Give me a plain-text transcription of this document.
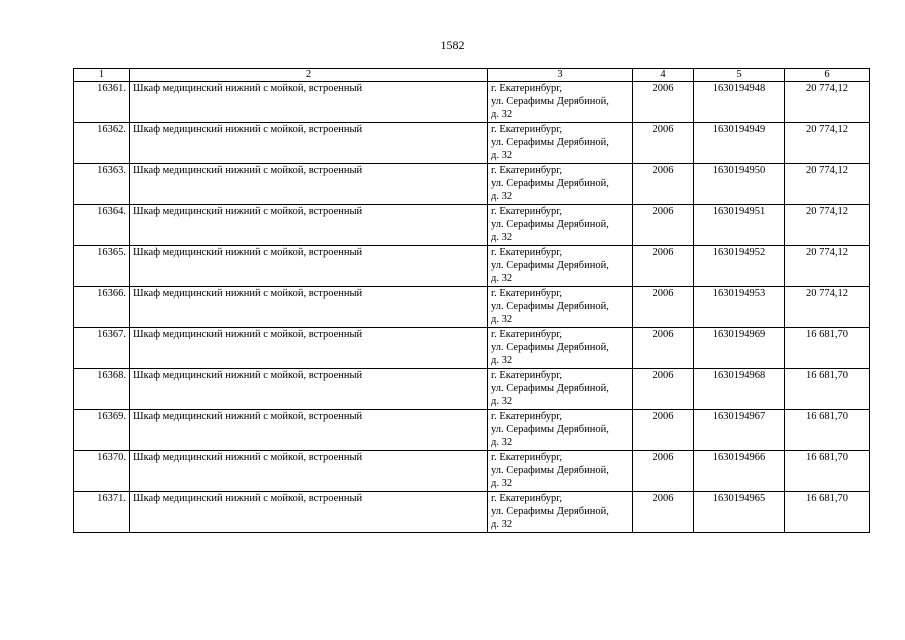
1582
1	2	3	4	5	6
16361.	Шкаф медицинский нижний с мойкой, встроенный	г. Екатеринбург,
ул. Серафимы Дерябиной,
д. 32	2006	1630194948	20 774,12
16362.	Шкаф медицинский нижний с мойкой, встроенный	г. Екатеринбург,
ул. Серафимы Дерябиной,
д. 32	2006	1630194949	20 774,12
16363.	Шкаф медицинский нижний с мойкой, встроенный	г. Екатеринбург,
ул. Серафимы Дерябиной,
д. 32	2006	1630194950	20 774,12
16364.	Шкаф медицинский нижний с мойкой, встроенный	г. Екатеринбург,
ул. Серафимы Дерябиной,
д. 32	2006	1630194951	20 774,12
16365.	Шкаф медицинский нижний с мойкой, встроенный	г. Екатеринбург,
ул. Серафимы Дерябиной,
д. 32	2006	1630194952	20 774,12
16366.	Шкаф медицинский нижний с мойкой, встроенный	г. Екатеринбург,
ул. Серафимы Дерябиной,
д. 32	2006	1630194953	20 774,12
16367.	Шкаф медицинский нижний с мойкой, встроенный	г. Екатеринбург,
ул. Серафимы Дерябиной,
д. 32	2006	1630194969	16 681,70
16368.	Шкаф медицинский нижний с мойкой, встроенный	г. Екатеринбург,
ул. Серафимы Дерябиной,
д. 32	2006	1630194968	16 681,70
16369.	Шкаф медицинский нижний с мойкой, встроенный	г. Екатеринбург,
ул. Серафимы Дерябиной,
д. 32	2006	1630194967	16 681,70
16370.	Шкаф медицинский нижний с мойкой, встроенный	г. Екатеринбург,
ул. Серафимы Дерябиной,
д. 32	2006	1630194966	16 681,70
16371.	Шкаф медицинский нижний с мойкой, встроенный	г. Екатеринбург,
ул. Серафимы Дерябиной,
д. 32	2006	1630194965	16 681,70
